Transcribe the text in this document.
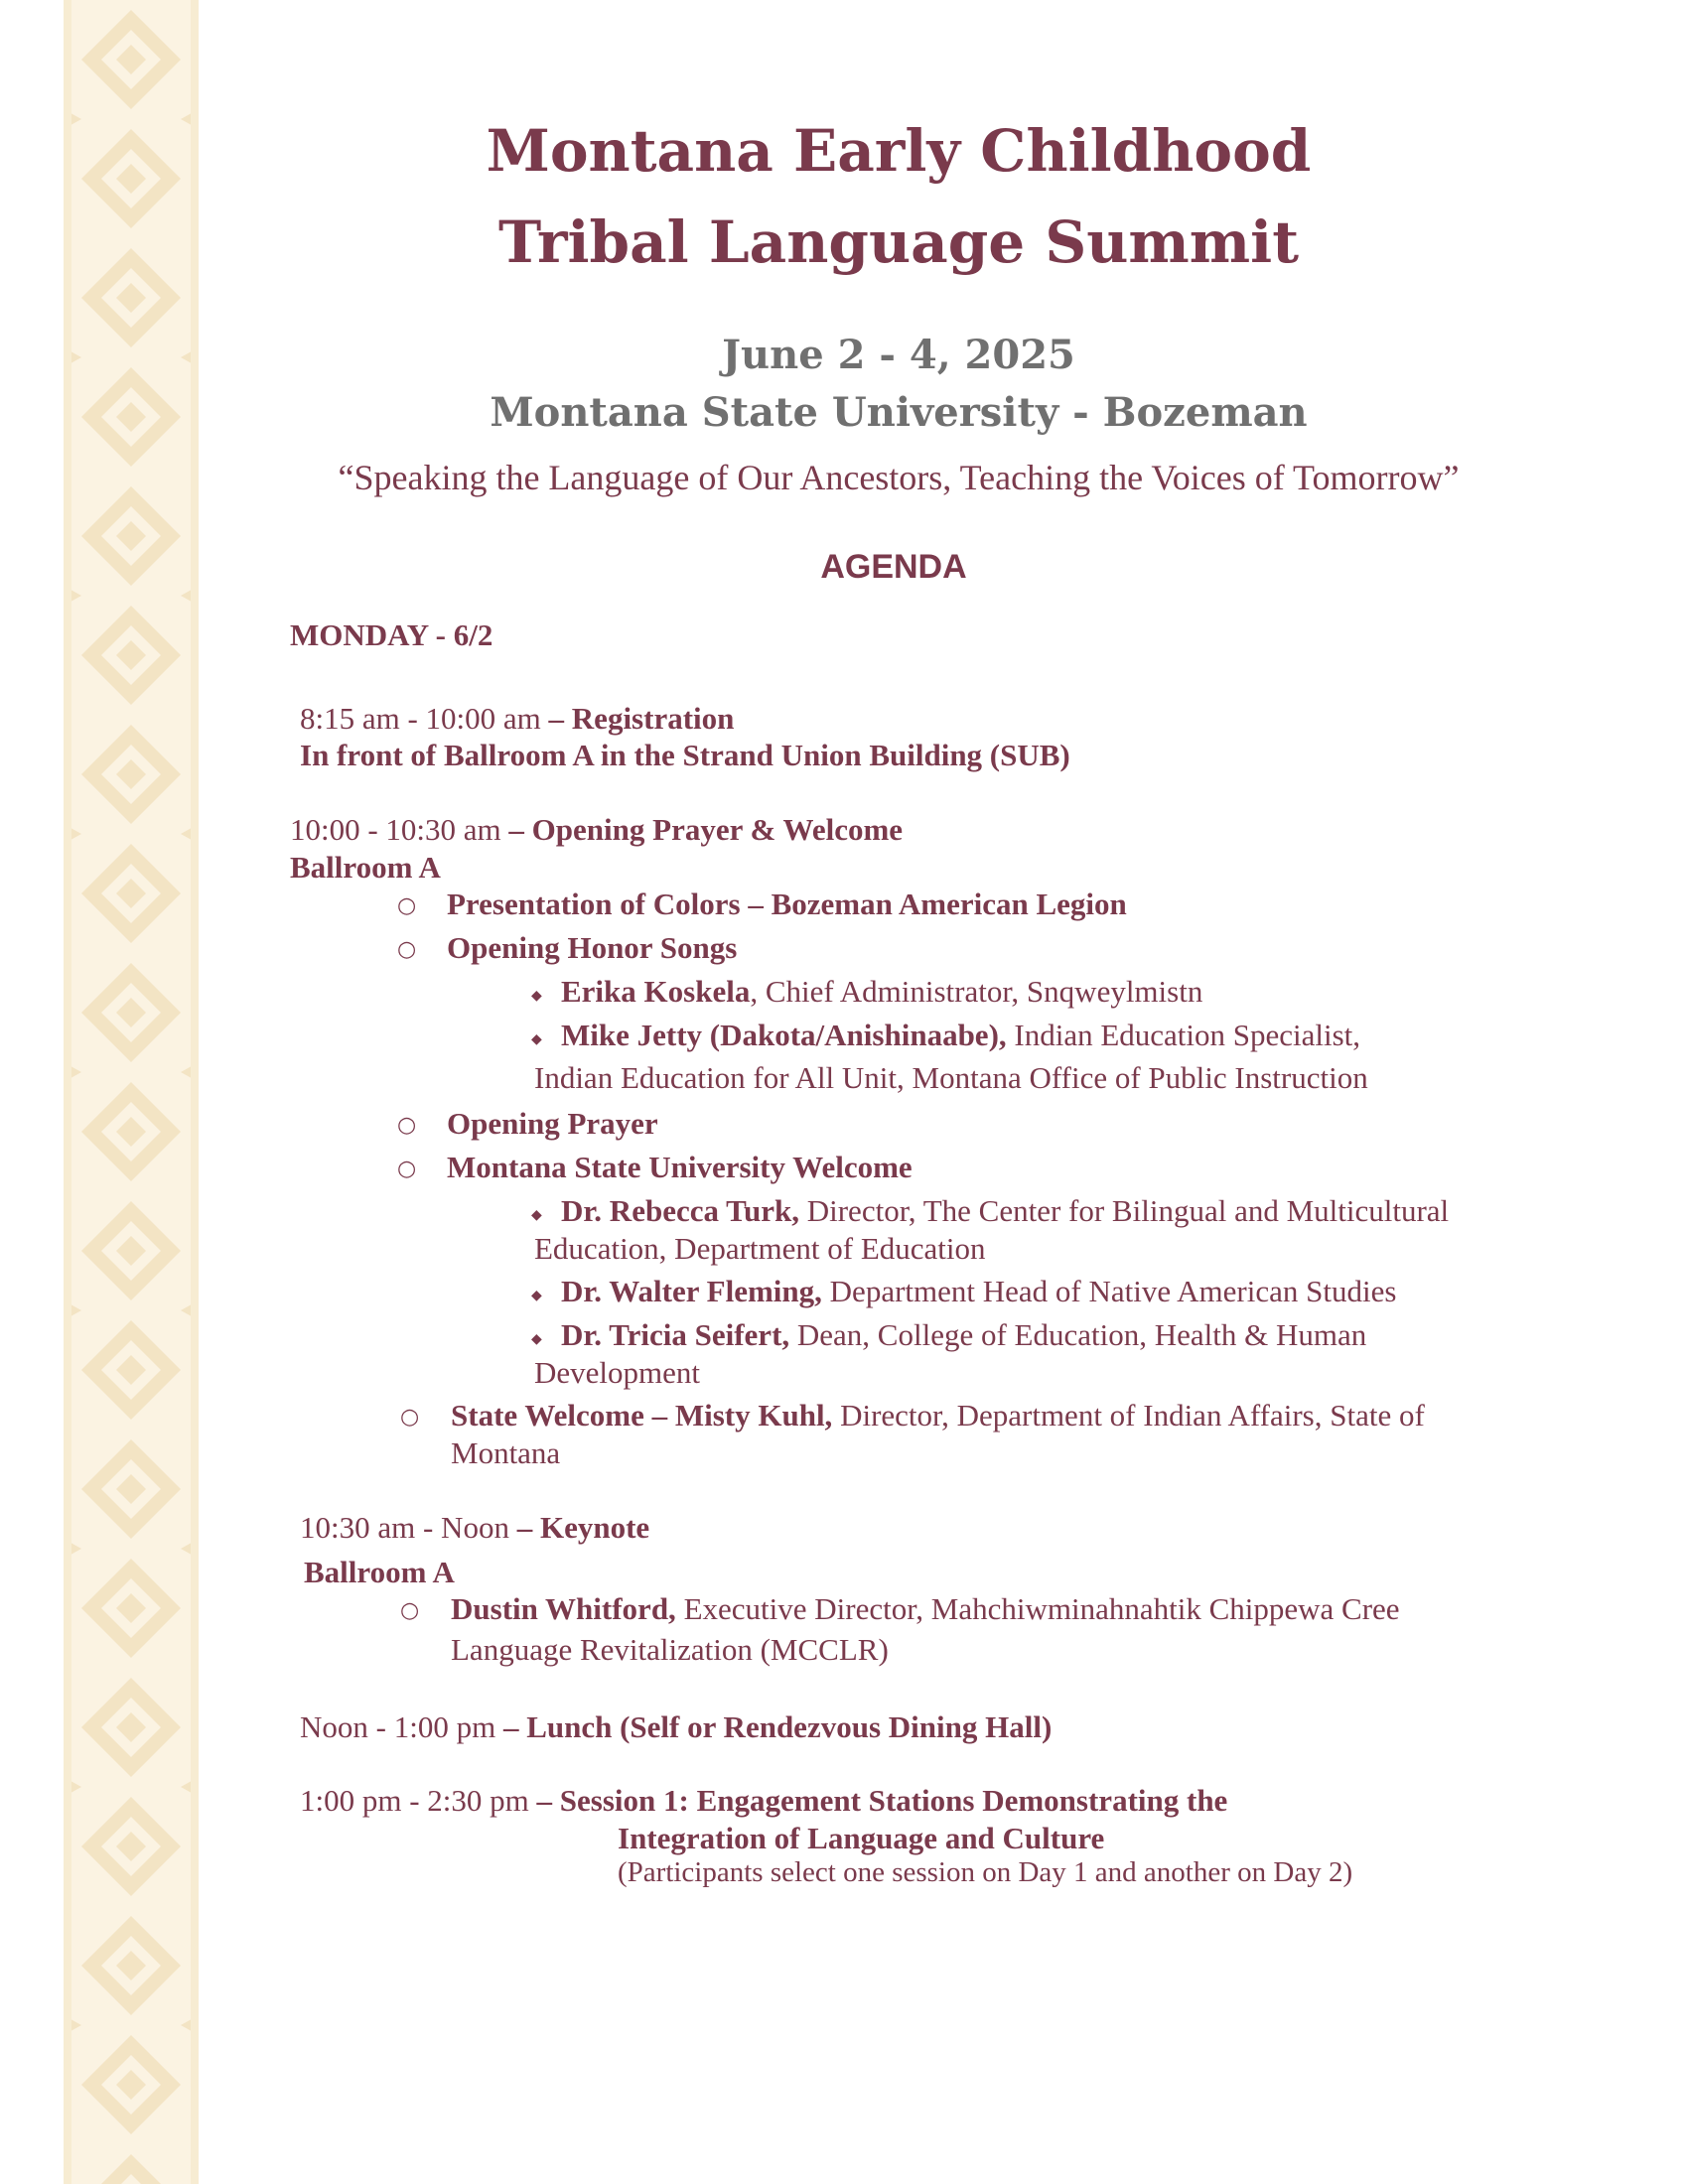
Montana Early Childhood
Tribal Language Summit
June 2 - 4, 2025
Montana State University - Bozeman
“Speaking the Language of Our Ancestors, Teaching the Voices of Tomorrow”
AGENDA
MONDAY - 6/2
8:15 am - 10:00 am – Registration
In front of Ballroom A in the Strand Union Building (SUB)
10:00 - 10:30 am – Opening Prayer & Welcome
Ballroom A
○ Presentation of Colors – Bozeman American Legion
○ Opening Honor Songs
◆ Erika Koskela, Chief Administrator, Snqweylmistn
◆ Mike Jetty (Dakota/Anishinaabe), Indian Education Specialist,
Indian Education for All Unit, Montana Office of Public Instruction
○ Opening Prayer
○ Montana State University Welcome
◆ Dr. Rebecca Turk, Director, The Center for Bilingual and Multicultural
Education, Department of Education
◆ Dr. Walter Fleming, Department Head of Native American Studies
◆ Dr. Tricia Seifert, Dean, College of Education, Health & Human
Development
○ State Welcome – Misty Kuhl, Director, Department of Indian Affairs, State of
Montana
10:30 am - Noon – Keynote
Ballroom A
○ Dustin Whitford, Executive Director, Mahchiwminahnahtik Chippewa Cree
Language Revitalization (MCCLR)
Noon - 1:00 pm – Lunch (Self or Rendezvous Dining Hall)
1:00 pm - 2:30 pm – Session 1: Engagement Stations Demonstrating the
Integration of Language and Culture
(Participants select one session on Day 1 and another on Day 2)
